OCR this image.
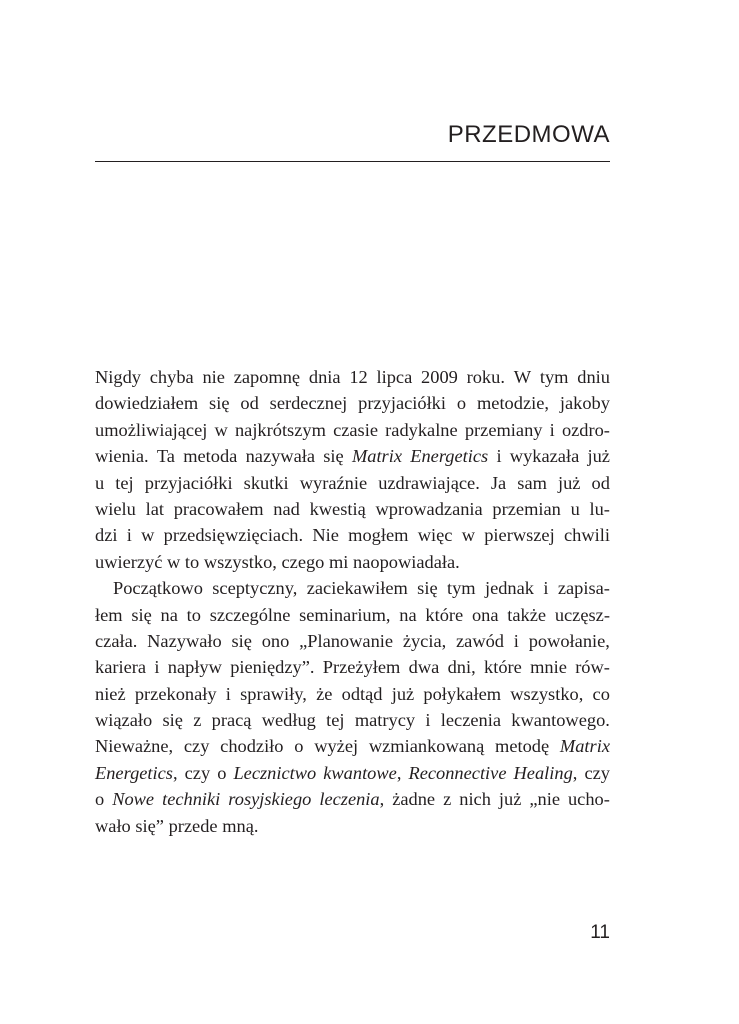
PRZEDMOWA
Nigdy chyba nie zapomnę dnia 12 lipca 2009 roku. W tym dniu
dowiedziałem się od serdecznej przyjaciółki o metodzie, jakoby
umożliwiającej w najkrótszym czasie radykalne przemiany i ozdro-
wienia. Ta metoda nazywała się Matrix Energetics i wykazała już
u tej przyjaciółki skutki wyraźnie uzdrawiające. Ja sam już od
wielu lat pracowałem nad kwestią wprowadzania przemian u lu-
dzi i w przedsięwzięciach. Nie mogłem więc w pierwszej chwili
uwierzyć w to wszystko, czego mi naopowiadała.
Początkowo sceptyczny, zaciekawiłem się tym jednak i zapisa-
łem się na to szczególne seminarium, na które ona także uczęsz-
czała. Nazywało się ono „Planowanie życia, zawód i powołanie,
kariera i napływ pieniędzy”. Przeżyłem dwa dni, które mnie rów-
nież przekonały i sprawiły, że odtąd już połykałem wszystko, co
wiązało się z pracą według tej matrycy i leczenia kwantowego.
Nieważne, czy chodziło o wyżej wzmiankowaną metodę Matrix
Energetics, czy o Lecznictwo kwantowe, Reconnective Healing, czy
o Nowe techniki rosyjskiego leczenia, żadne z nich już „nie ucho-
wało się” przede mną.
11
